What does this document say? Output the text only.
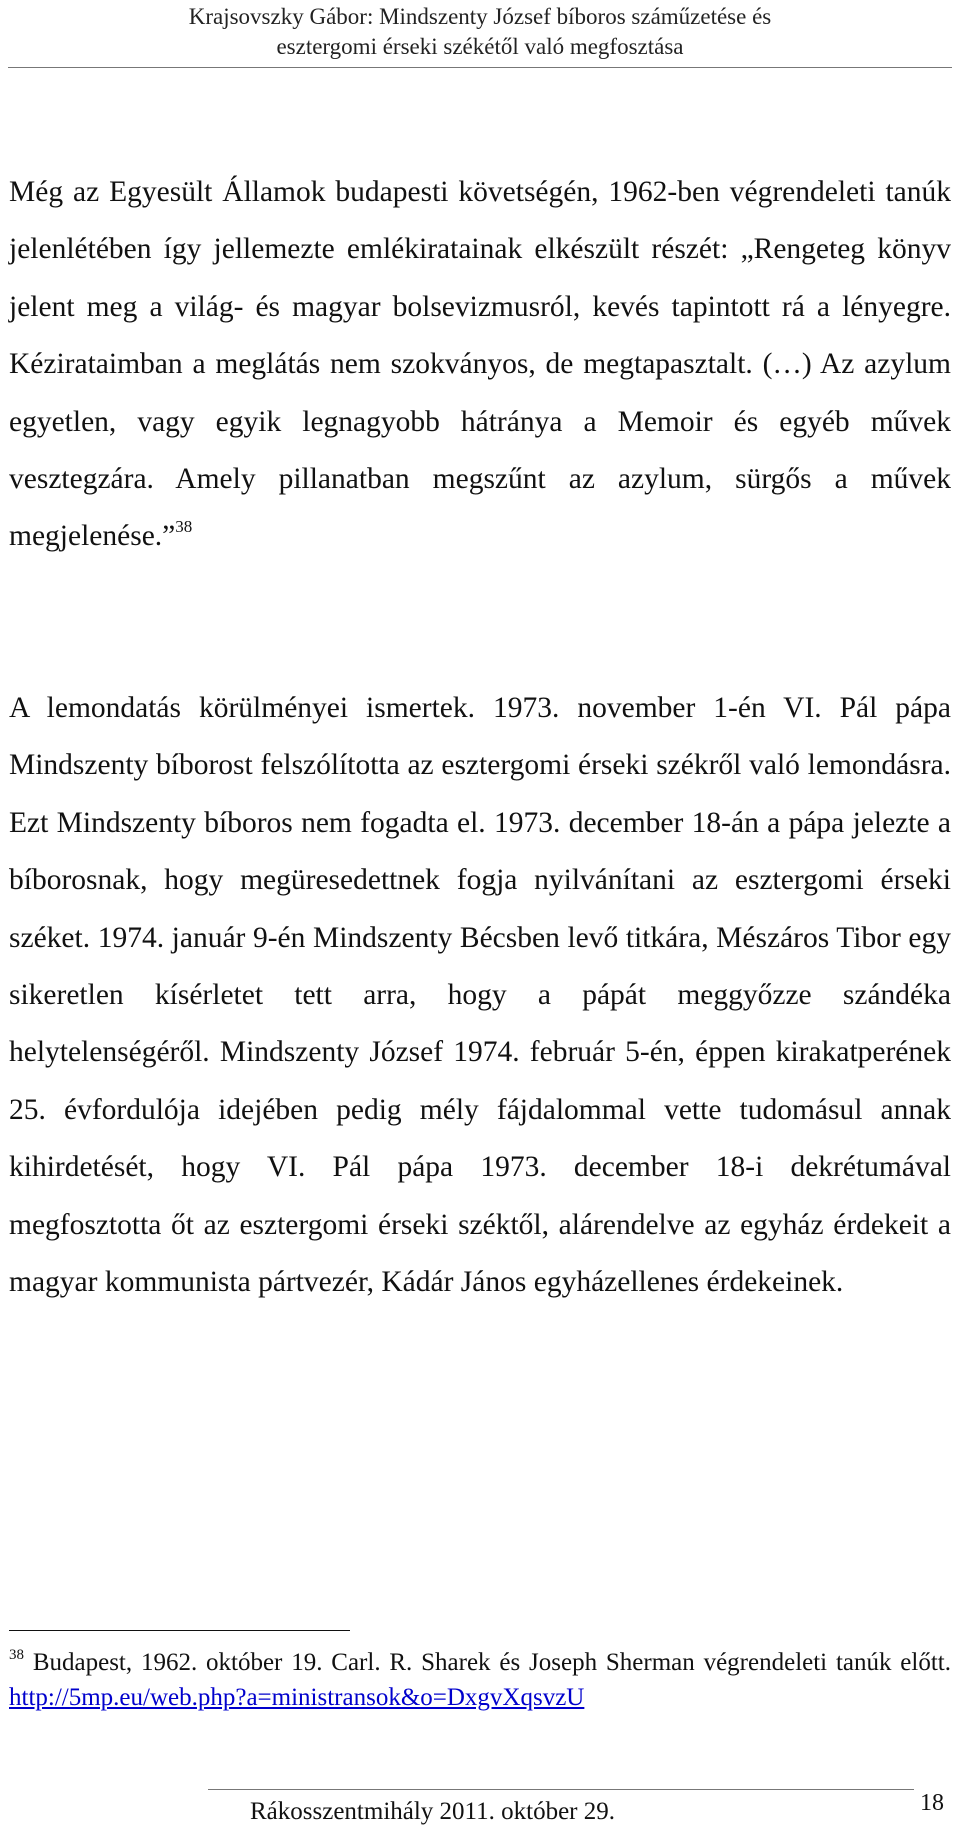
Krajsovszky Gábor: Mindszenty József bíboros száműzetése és
esztergomi érseki székétől való megfosztása

Még az Egyesült Államok budapesti követségén, 1962-ben végrendeleti tanúk jelenlétében így jellemezte emlékiratainak elkészült részét: „Rengeteg könyv jelent meg a világ- és magyar bolsevizmusról, kevés tapintott rá a lényegre. Kézirataimban a meglátás nem szokványos, de megtapasztalt. (…) Az azylum egyetlen, vagy egyik legnagyobb hátránya a Memoir és egyéb művek vesztegzára. Amely pillanatban megszűnt az azylum, sürgős a művek megjelenése.”$^{38}$

A lemondatás körülményei ismertek. 1973. november 1-én VI. Pál pápa Mindszenty bíborost felszólította az esztergomi érseki székről való lemondásra. Ezt Mindszenty bíboros nem fogadta el. 1973. december 18-án a pápa jelezte a bíborosnak, hogy megüresedettnek fogja nyilvánítani az esztergomi érseki széket. 1974. január 9-én Mindszenty Bécsben levő titkára, Mészáros Tibor egy sikeretlen kísérletet tett arra, hogy a pápát meggyőzze szándéka helytelenségéről. Mindszenty József 1974. február 5-én, éppen kirakatperének 25. évfordulója idejében pedig mély fájdalommal vette tudomásul annak kihirdetését, hogy VI. Pál pápa 1973. december 18-i dekrétumával megfosztotta őt az esztergomi érseki széktől, alárendelve az egyház érdekeit a magyar kommunista pártvezér, Kádár János egyházellenes érdekeinek.

$^{38}$ Budapest, 1962. október 19. Carl. R. Sharek és Joseph Sherman végrendeleti tanúk előtt. http://5mp.eu/web.php?a=ministransok&o=DxgvXqsvzU
Rákosszentmihály 2011. október 29.	18
